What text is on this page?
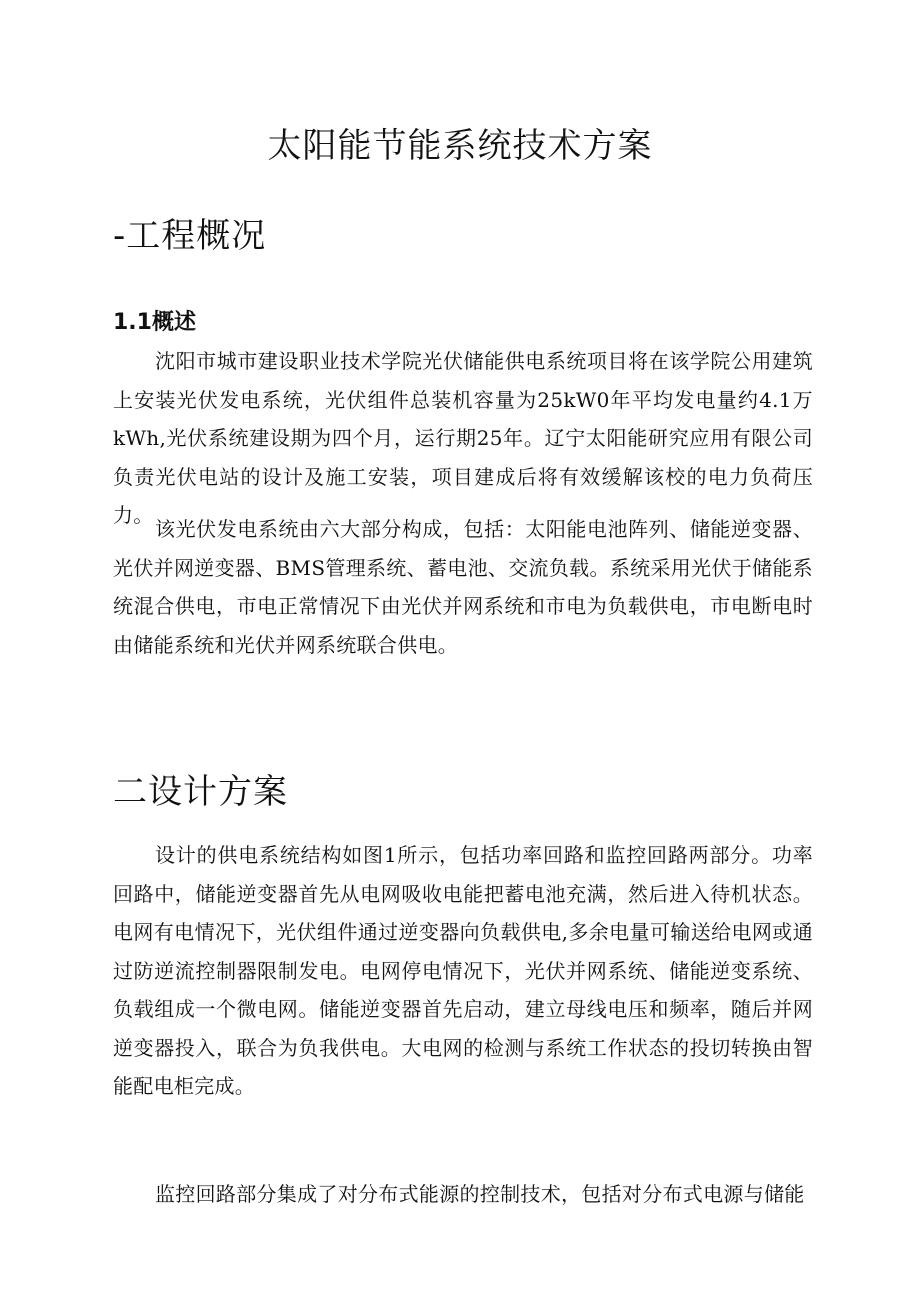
太阳能节能系统技术方案
-工程概况
1.1概述

沈阳市城市建设职业技术学院光伏储能供电系统项目将在该学院公用建筑上安装光伏发电系统，光伏组件总装机容量为25kW0年平均发电量约4.1万kWh,光伏系统建设期为四个月，运行期25年。辽宁太阳能研究应用有限公司负责光伏电站的设计及施工安装，项目建成后将有效缓解该校的电力负荷压力。

该光伏发电系统由六大部分构成，包括：太阳能电池阵列、储能逆变器、光伏并网逆变器、BMS管理系统、蓄电池、交流负载。系统采用光伏于储能系统混合供电，市电正常情况下由光伏并网系统和市电为负载供电，市电断电时由储能系统和光伏并网系统联合供电。

二设计方案

设计的供电系统结构如图1所示，包括功率回路和监控回路两部分。功率回路中，储能逆变器首先从电网吸收电能把蓄电池充满，然后进入待机状态。电网有电情况下，光伏组件通过逆变器向负载供电,多余电量可输送给电网或通过防逆流控制器限制发电。电网停电情况下，光伏并网系统、储能逆变系统、负载组成一个微电网。储能逆变器首先启动，建立母线电压和频率，随后并网逆变器投入，联合为负我供电。大电网的检测与系统工作状态的投切转换由智能配电柜完成。

监控回路部分集成了对分布式能源的控制技术，包括对分布式电源与储能
